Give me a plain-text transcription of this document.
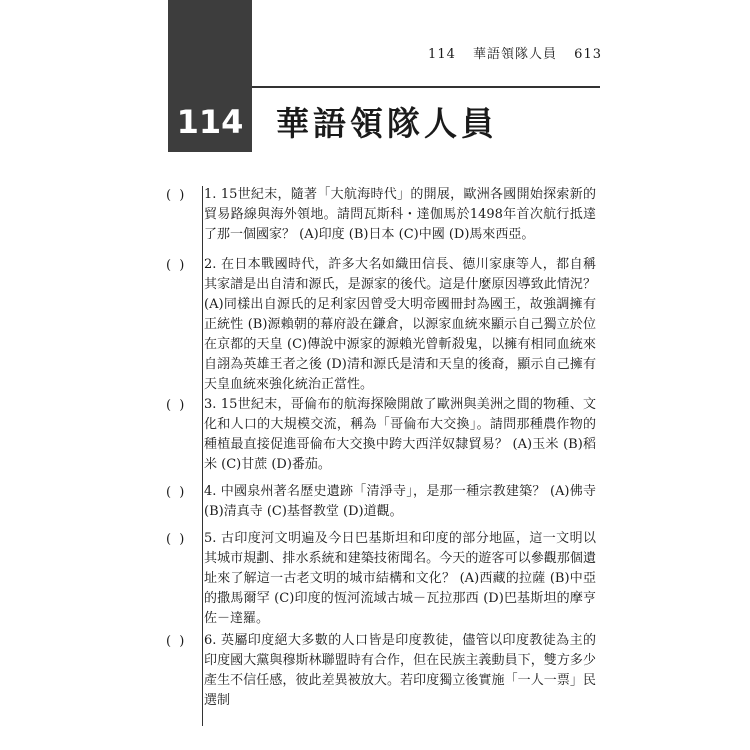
114 華語領隊人員 613
114 華語領隊人員
( ) 1. 15世紀末，隨著「大航海時代」的開展，歐洲各國開始探索新的貿易路線與海外領地。請問瓦斯科・達伽馬於1498年首次航行抵達了那一個國家？ (A)印度 (B)日本 (C)中國 (D)馬來西亞。
( ) 2. 在日本戰國時代，許多大名如織田信長、德川家康等人，都自稱其家譜是出自清和源氏，是源家的後代。這是什麼原因導致此情況？ (A)同樣出自源氏的足利家因曾受大明帝國冊封為國王，故強調擁有正統性 (B)源賴朝的幕府設在鎌倉，以源家血統來顯示自己獨立於位在京都的天皇 (C)傳說中源家的源賴光曾斬殺鬼，以擁有相同血統來自詡為英雄王者之後 (D)清和源氏是清和天皇的後裔，顯示自己擁有天皇血統來強化統治正當性。
( ) 3. 15世紀末，哥倫布的航海探險開啟了歐洲與美洲之間的物種、文化和人口的大規模交流，稱為「哥倫布大交換」。請問那種農作物的種植最直接促進哥倫布大交換中跨大西洋奴隸貿易？ (A)玉米 (B)稻米 (C)甘蔗 (D)番茄。
( ) 4. 中國泉州著名歷史遺跡「清淨寺」，是那一種宗教建築？ (A)佛寺 (B)清真寺 (C)基督教堂 (D)道觀。
( ) 5. 古印度河文明遍及今日巴基斯坦和印度的部分地區，這一文明以其城市規劃、排水系統和建築技術聞名。今天的遊客可以參觀那個遺址來了解這一古老文明的城市結構和文化？ (A)西藏的拉薩 (B)中亞的撒馬爾罕 (C)印度的恆河流域古城－瓦拉那西 (D)巴基斯坦的摩亨佐－達羅。
( ) 6. 英屬印度絕大多數的人口皆是印度教徒，儘管以印度教徒為主的印度國大黨與穆斯林聯盟時有合作，但在民族主義動員下，雙方多少產生不信任感，彼此差異被放大。若印度獨立後實施「一人一票」民選制
